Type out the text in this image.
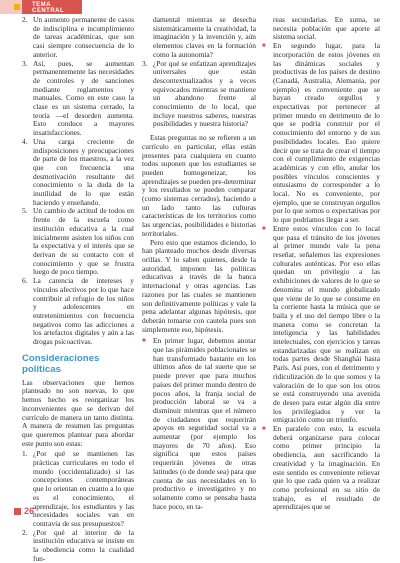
TEMA CENTRAL
2. Un aumento permanente de casos de indisciplina e incumplimiento de tareas académicas, que son casi siempre consecuencia de lo anterior.
3. Así, pues, se aumentan permanentemente las necesidades de controles y de sanciones mediante reglamentos y manuales. Como en este caso la clase es un sistema cerrado, la teoría —el desorden aumenta. Esto conduce a mayores insatisfacciones.
4. Una carga creciente de indisposiciones y preocupaciones de parte de los maestros, a la vez que con frecuencia una desmotivación resultante del conocimiento o la duda de la inutilidad de lo que están haciendo y enseñando.
5. Un cambio de actitud de todos en frente de la escuela como institución educativa a la cual inicialmente asisten los niños con la expectativa y el interés que se derivan de su contacto con el conocimiento y que se frustra luego de poco tiempo.
6. La carencia de intereses y vínculos afectivos por lo que hace contribuir al refugio de los niños y adolescentes en entretenimientos con frecuencia negativos como las adicciones a los artefactos digitales y aún a las drogas psicoactivas.
Consideraciones políticas

Las observaciones que hemos planteado no son nuevas, lo que hemos hecho es reorganizar los inconvenientes que se derivan del currículo de manera un tanto distinta. A manera de resumen las preguntas que queremos plantear para abordar este punto son estas:

1. ¿Por qué se mantienen las prácticas curriculares en todo el mundo (occidentalizado) si las concepciones contemporáneas que lo orientan en cuanto a lo que es el conocimiento, el aprendizaje, los estudiantes y las necesidades sociales van en contravía de sus presupuestos?
2. ¿Por qué al interior de la institución educativa se insiste en la obediencia como la cualidad fun-

damental mientras se desecha sistemáticamente la creatividad, la imaginación y la invención y, aún elementos claves en la formación como la autonomía?

3. ¿Por qué se enfatizan aprendizajes universales que están descontextualizados y a veces equivocados mientras se mantiene un abandono frente al conocimiento de lo local, que incluye nuestros saberes, nuestras posibilidades y nuestra historia?

Estas preguntas no se refieren a un currículo en particular, ellas están presentes para cualquiera en cuanto todos suponen que los estudiantes se pueden homogeneizar, los aprendizajes se pueden pre-determinar y los resultados se pueden comparar (como sistemas cerrados), haciendo a un lado tanto las culturas características de los territorios como las urgencias, posibilidades e historias territoriales.

Pero esto que estamos diciendo, lo han planteado muchos desde diversas orillas. Y lo saben quienes, desde la autoridad, imponen las políticas educativas a través de la banca internacional y otras agencias. Las razones por las cuales se mantienen son definitivamente políticas y vale la pena adelantar algunas hipótesis, que deberán tomarse con cautela pues son simplemente eso, hipótesis.

■ En primer lugar, debemos anotar que las pirámides poblacionales se han transformado bastante en los últimos años de tal suerte que se puede prever que para muchos países del primer mundo dentro de pocos años, la franja social de producción laboral se va a disminuir mientras que el número de ciudadanos que requerirán apoyos en seguridad social va a aumentar (por ejemplo los mayores de 70 años). Eso significa que estos países requerirán jóvenes de otras latitudes (o de donde sea) para que cuenta de sus necesidades en lo productivo e investigativo y no solamente como se pensaba hasta hace poco, en ta-

reas secundarias. En suma, se necesita población que aporte al sistema social.

■ En segundo lugar, para la incorporación de estos jóvenes en las dinámicas sociales y productivas de los países de destino (Canadá, Australia, Alemania, por ejemplo) es conveniente que se hayan creado orgullos y expectativas por pertenecer al primer mundo en detrimento de lo que se podría construir por el conocimiento del entorno y de sus posibilidades locales. Eso quiere decir que se trata de crear el tiempo con el cumplimiento de exigencias académicas y con ello, anular los posibles vínculos conscientes y entusiasmo de corresponder a lo local. No es conveniente, por ejemplo, que se construyan orgullos por lo que somos o expectativas por lo que podríamos llegar a ser.
■ Entre estos vínculos con lo local que pasa el tránsito de los jóvenes al primer mundo vale la pena reseñar, señalemos las expresiones culturales auténticas. Por eso ellas quedan un privilegio a las exhibiciones de valores de lo que se denomina el mundo globalizado que viene de lo que se consume en la corriente hasta la música que se baila y el uso del tiempo libre o la manera como se concretan la inteligencia y las habilidades intelectuales, con ejercicios y tareas estandarizadas que se realizan en todas partes desde Shanghái hasta París. Así pues, con el detrimento y ridiculización de lo que somos y la valoración de lo que son los otros se está construyendo una avenida de deseo para estar algún día entre los privilegiados y ver la emigración como un triunfo.
■ En paralelo con esto, la escuela deberá organizarse para colocar como primer principio la obediencia, aun sacrificando la creatividad y la imaginación. En este sentido es conveniente relievar que lo que cada quien va a realizar como profesional en su sitio de trabajo, es el resultado de aprendizajes que se
26
